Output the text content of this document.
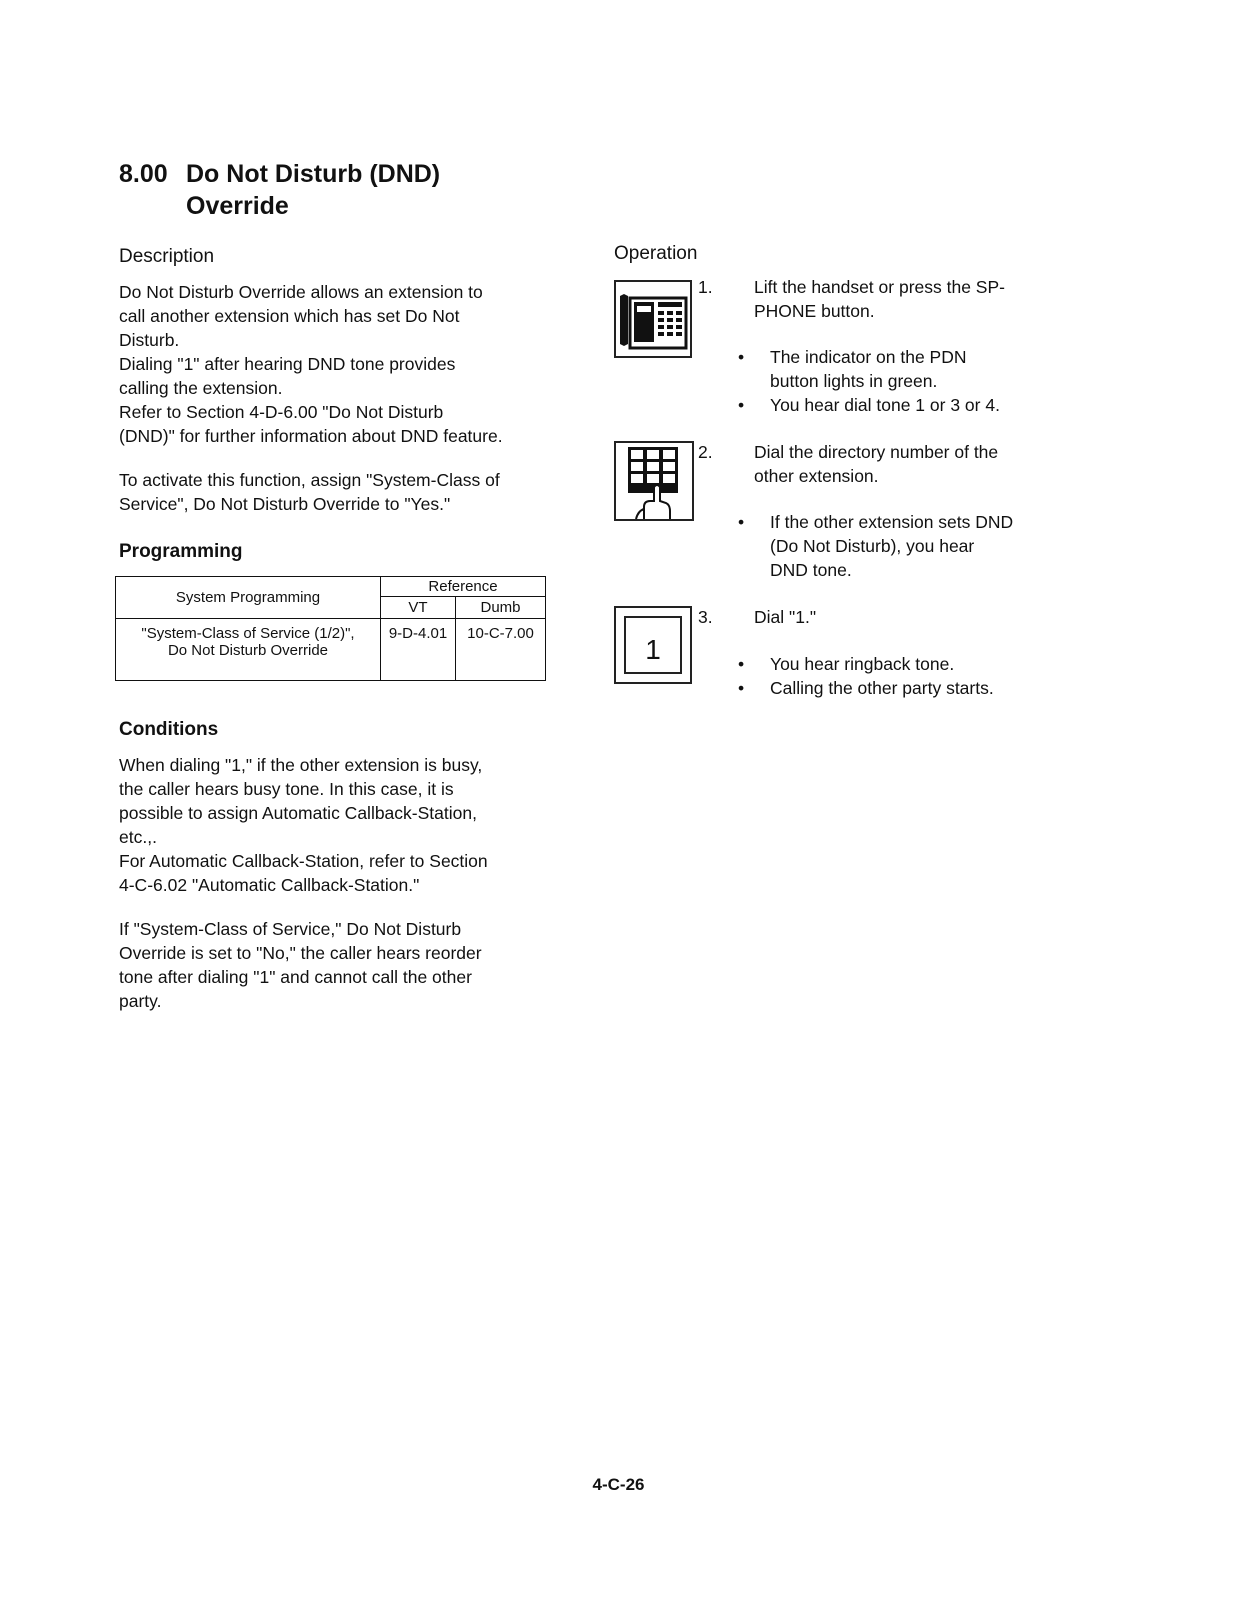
8.00 Do Not Disturb (DND)
Override
Description
Do Not Disturb Override allows an extension to
call another extension which has set Do Not
Disturb.
Dialing "1" after hearing DND tone provides
calling the extension.
Refer to Section 4-D-6.00 "Do Not Disturb
(DND)" for further information about DND feature.
To activate this function, assign "System-Class of
Service", Do Not Disturb Override to "Yes."
Programming
System Programming	Reference	
	VT	Dumb

"System-Class of Service (1/2)",
Do Not Disturb Override	9-D-4.01	10-C-7.00
Conditions
When dialing "1," if the other extension is busy,
the caller hears busy tone. In this case, it is
possible to assign Automatic Callback-Station,
etc.,.
For Automatic Callback-Station, refer to Section
4-C-6.02 "Automatic Callback-Station."
If "System-Class of Service," Do Not Disturb
Override is set to "No," the caller hears reorder
tone after dialing "1" and cannot call the other
party.
Operation
1
1. Lift the handset or press the SP-
PHONE button.
• The indicator on the PDN
button lights in green.
• You hear dial tone 1 or 3 or 4.
2. Dial the directory number of the
other extension.
• If the other extension sets DND
(Do Not Disturb), you hear
DND tone.
3. Dial "1."
• You hear ringback tone.
• Calling the other party starts.
4-C-26
